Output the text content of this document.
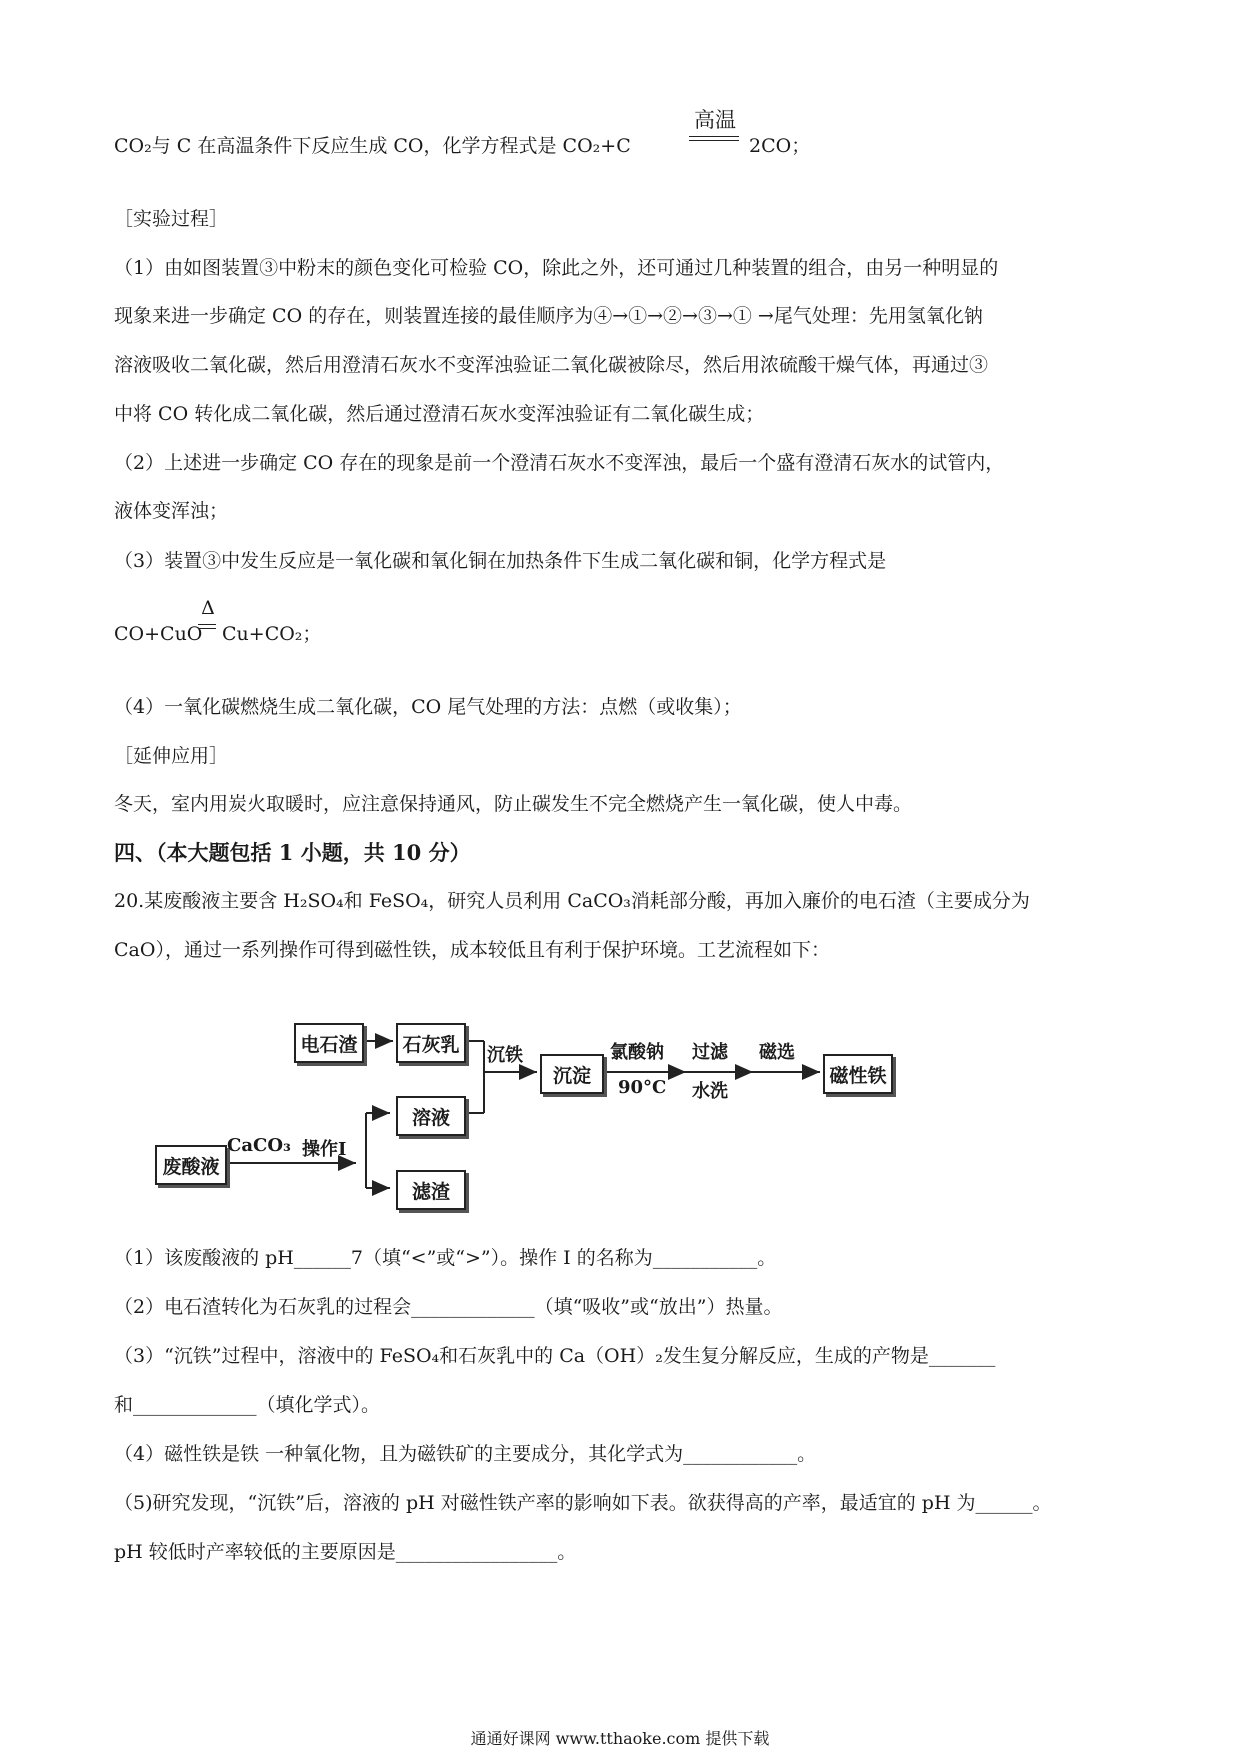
CO₂与 C 在高温条件下反应生成 CO，化学方程式是 CO₂+C
高温
2CO；
［实验过程］
（1）由如图装置③中粉末的颜色变化可检验 CO，除此之外，还可通过几种装置的组合，由另一种明显的
现象来进一步确定 CO 的存在，则装置连接的最佳顺序为④→①→②→③→① →尾气处理：先用氢氧化钠
溶液吸收二氧化碳，然后用澄清石灰水不变浑浊验证二氧化碳被除尽，然后用浓硫酸干燥气体，再通过③
中将 CO 转化成二氧化碳，然后通过澄清石灰水变浑浊验证有二氧化碳生成；
（2）上述进一步确定 CO 存在的现象是前一个澄清石灰水不变浑浊，最后一个盛有澄清石灰水的试管内，
液体变浑浊；
（3）装置③中发生反应是一氧化碳和氧化铜在加热条件下生成二氧化碳和铜，化学方程式是
CO+CuO
Δ
Cu+CO₂；
（4）一氧化碳燃烧生成二氧化碳，CO 尾气处理的方法：点燃（或收集）；
［延伸应用］
冬天，室内用炭火取暖时，应注意保持通风，防止碳发生不完全燃烧产生一氧化碳，使人中毒。
四、（本大题包括 1 小题，共 10 分）
20.某废酸液主要含 H₂SO₄和 FeSO₄，研究人员利用 CaCO₃消耗部分酸，再加入廉价的电石渣（主要成分为
CaO），通过一系列操作可得到磁性铁，成本较低且有利于保护环境。工艺流程如下：
电石渣	石灰乳
溶液
滤渣
废酸液
沉淀	磁性铁
CaCO₃ 操作I
沉铁	氯酸钠
90°C
过滤
水洗
磁选
（1）该废酸液的 pH______7（填“<”或“>”）。操作 I 的名称为___________。
（2）电石渣转化为石灰乳的过程会_____________（填“吸收”或“放出”）热量。
（3）“沉铁”过程中，溶液中的 FeSO₄和石灰乳中的 Ca（OH）₂发生复分解反应，生成的产物是_______
和_____________（填化学式）。
（4）磁性铁是铁 一种氧化物，且为磁铁矿的主要成分，其化学式为____________。
（5)研究发现，“沉铁”后，溶液的 pH 对磁性铁产率的影响如下表。欲获得高的产率，最适宜的 pH 为______。
pH 较低时产率较低的主要原因是_________________。
通通好课网 www.tthaoke.com 提供下载
